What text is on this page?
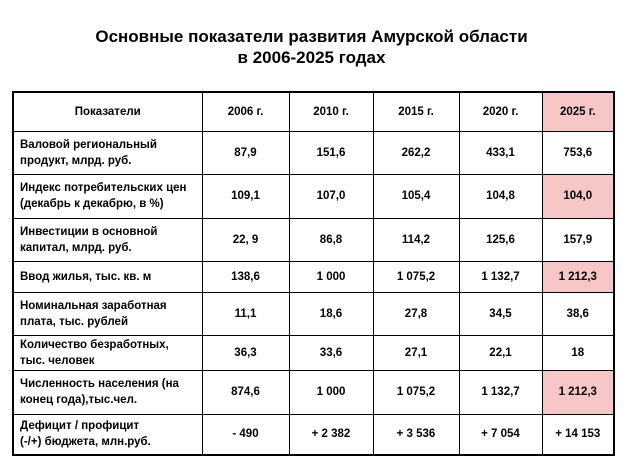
Основные показатели развития Амурской области
в 2006-2025 годах
Показатели	2006 г.	2010 г.	2015 г.	2020 г.	2025 г.

Валовой региональный
продукт, млрд. руб.	87,9	151,6	262,2	433,1	753,6

Индекс потребительских цен
(декабрь к декабрю, в %)	109,1	107,0	105,4	104,8	104,0

Инвестиции в основной
капитал, млрд. руб.	22, 9	86,8	114,2	125,6	157,9

Ввод жилья, тыс. кв. м	138,6	1 000	1 075,2	1 132,7	1 212,3

Номинальная заработная
плата, тыс. рублей	11,1	18,6	27,8	34,5	38,6

Количество безработных,
тыс. человек	36,3	33,6	27,1	22,1	18

Численность населения (на
конец года),тыс.чел.	874,6	1 000	1 075,2	1 132,7	1 212,3

Дефицит / профицит
(-/+) бюджета, млн.руб.	- 490	+ 2 382	+ 3 536	+ 7 054	+ 14 153
